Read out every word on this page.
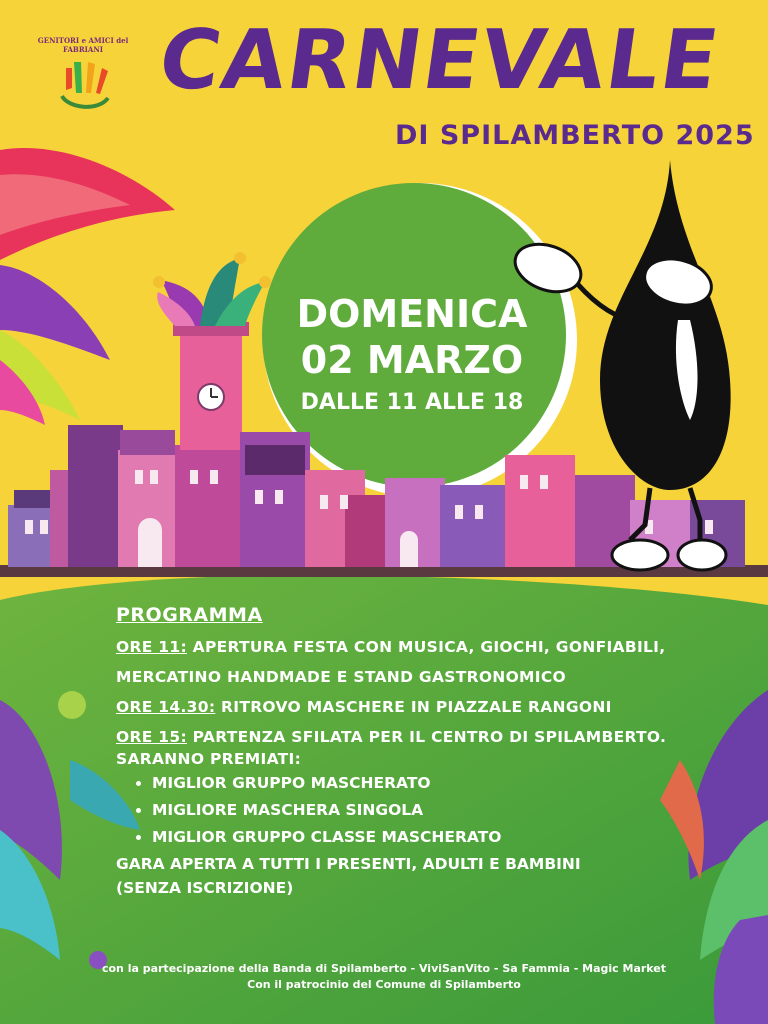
GENITORI e AMICI del FABRIANI CARNEVALE
DI SPILAMBERTO 2025
DOMENICA
02 MARZO
DALLE 11 ALLE 18
PROGRAMMA
ORE 11: APERTURA FESTA CON MUSICA, GIOCHI, GONFIABILI,
MERCATINO HANDMADE E STAND GASTRONOMICO
ORE 14.30: RITROVO MASCHERE IN PIAZZALE RANGONI
ORE 15: PARTENZA SFILATA PER IL CENTRO DI SPILAMBERTO.
SARANNO PREMIATI:
• MIGLIOR GRUPPO MASCHERATO
• MIGLIORE MASCHERA SINGOLA
• MIGLIOR GRUPPO CLASSE MASCHERATO
GARA APERTA A TUTTI I PRESENTI, ADULTI E BAMBINI
(SENZA ISCRIZIONE)
con la partecipazione della Banda di Spilamberto - ViviSanVito - Sa Fammia - Magic Market
Con il patrocinio del Comune di Spilamberto
